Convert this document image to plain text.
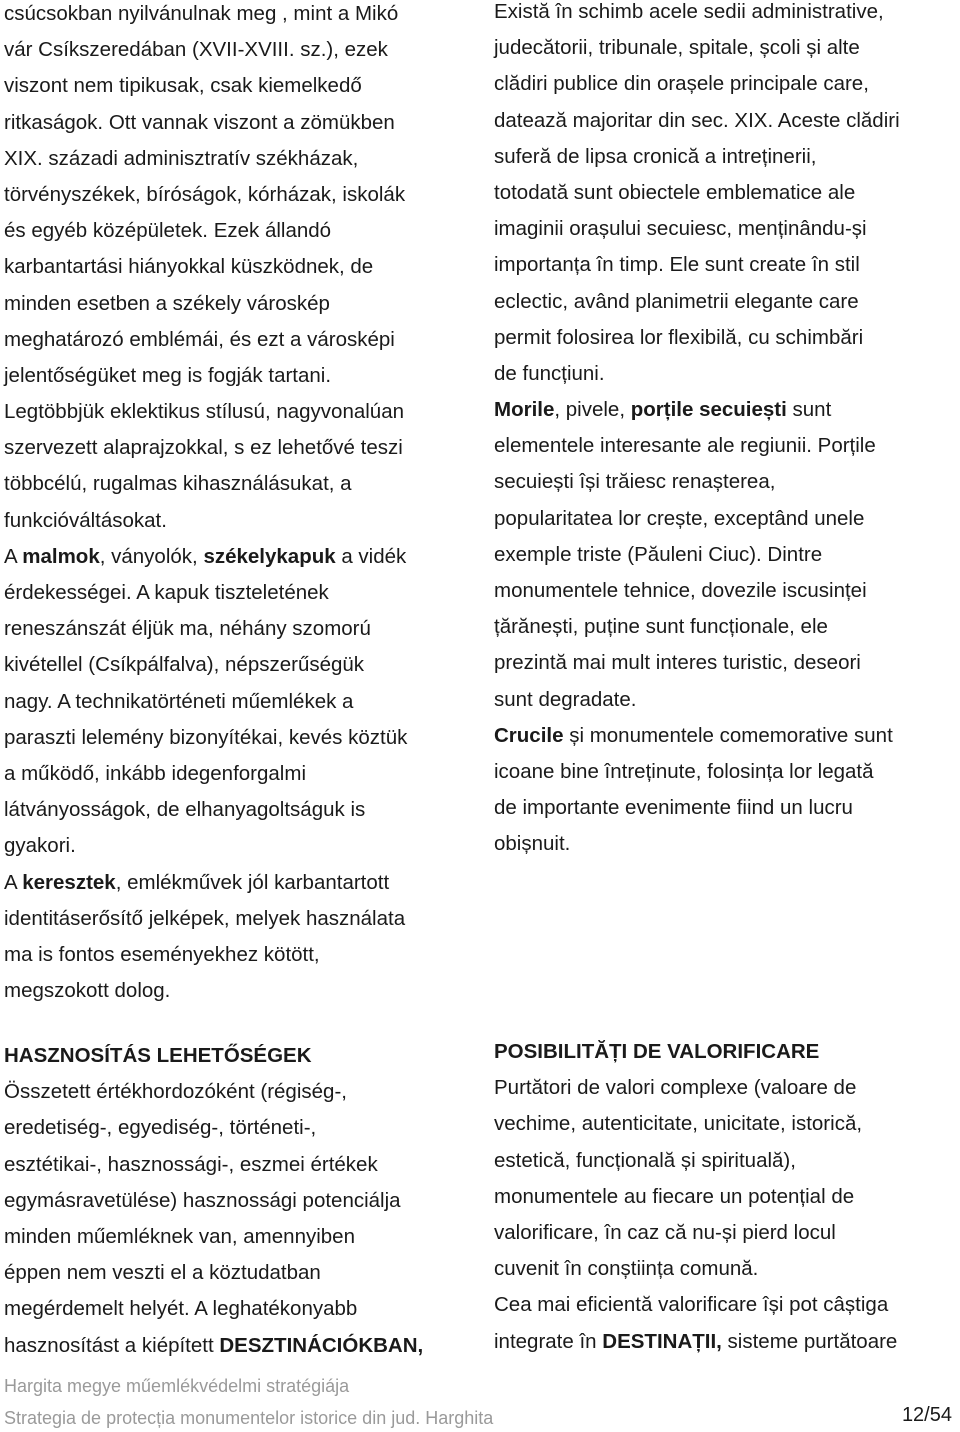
csúcsokban nyilvánulnak meg , mint a Mikó
vár Csíkszeredában (XVII-XVIII. sz.), ezek
viszont nem tipikusak, csak kiemelkedő
ritkaságok. Ott vannak viszont a zömükben
XIX. századi adminisztratív székházak,
törvényszékek, bíróságok, kórházak, iskolák
és egyéb középületek. Ezek állandó
karbantartási hiányokkal küszködnek, de
minden esetben a székely városkép
meghatározó emblémái, és ezt a városképi
jelentőségüket meg is fogják tartani.
Legtöbbjük eklektikus stílusú, nagyvonalúan
szervezett alaprajzokkal, s ez lehetővé teszi
többcélú, rugalmas kihasználásukat, a
funkcióváltásokat.
A malmok, ványolók, székelykapuk a vidék
érdekességei. A kapuk tiszteletének
reneszánszát éljük ma, néhány szomorú
kivétellel (Csíkpálfalva), népszerűségük
nagy. A technikatörténeti műemlékek a
paraszti lelemény bizonyítékai, kevés köztük
a működő, inkább idegenforgalmi
látványosságok, de elhanyagoltságuk is
gyakori.
A keresztek, emlékművek jól karbantartott
identitáserősítő jelképek, melyek használata
ma is fontos eseményekhez kötött,
megszokott dolog.
HASZNOSÍTÁS LEHETŐSÉGEK
Összetett értékhordozóként (régiség-,
eredetiség-, egyediség-, történeti-,
esztétikai-, hasznossági-, eszmei értékek
egymásravetülése) hasznossági potenciálja
minden műemléknek van, amennyiben
éppen nem veszti el a köztudatban
megérdemelt helyét. A leghatékonyabb
hasznosítást a kiépített DESZTINÁCIÓKBAN,
Există în schimb acele sedii administrative,
judecătorii, tribunale, spitale, școli și alte
clădiri publice din orașele principale care,
datează majoritar din sec. XIX. Aceste clădiri
suferă de lipsa cronică a intreținerii,
totodată sunt obiectele emblematice ale
imaginii orașului secuiesc, menținându-și
importanța în timp. Ele sunt create în stil
eclectic, având planimetrii elegante care
permit folosirea lor flexibilă, cu schimbări
de funcțiuni.
Morile, pivele, porțile secuiești sunt
elementele interesante ale regiunii. Porțile
secuiești își trăiesc renașterea,
popularitatea lor crește, exceptând unele
exemple triste (Păuleni Ciuc). Dintre
monumentele tehnice, dovezile iscusinței
țărănești, puține sunt funcționale, ele
prezintă mai mult interes turistic, deseori
sunt degradate.
Crucile și monumentele comemorative sunt
icoane bine întreținute, folosința lor legată
de importante evenimente fiind un lucru
obișnuit.
POSIBILITĂȚI DE VALORIFICARE
Purtători de valori complexe (valoare de
vechime, autenticitate, unicitate, istorică,
estetică, funcțională și spirituală),
monumentele au fiecare un potențial de
valorificare, în caz că nu-și pierd locul
cuvenit în conștiința comună.
Cea mai eficientă valorificare își pot câștiga
integrate în DESTINAȚII, sisteme purtătoare
Hargita megye műemlékvédelmi stratégiája
Strategia de protecția monumentelor istorice din jud. Harghita	12/54
